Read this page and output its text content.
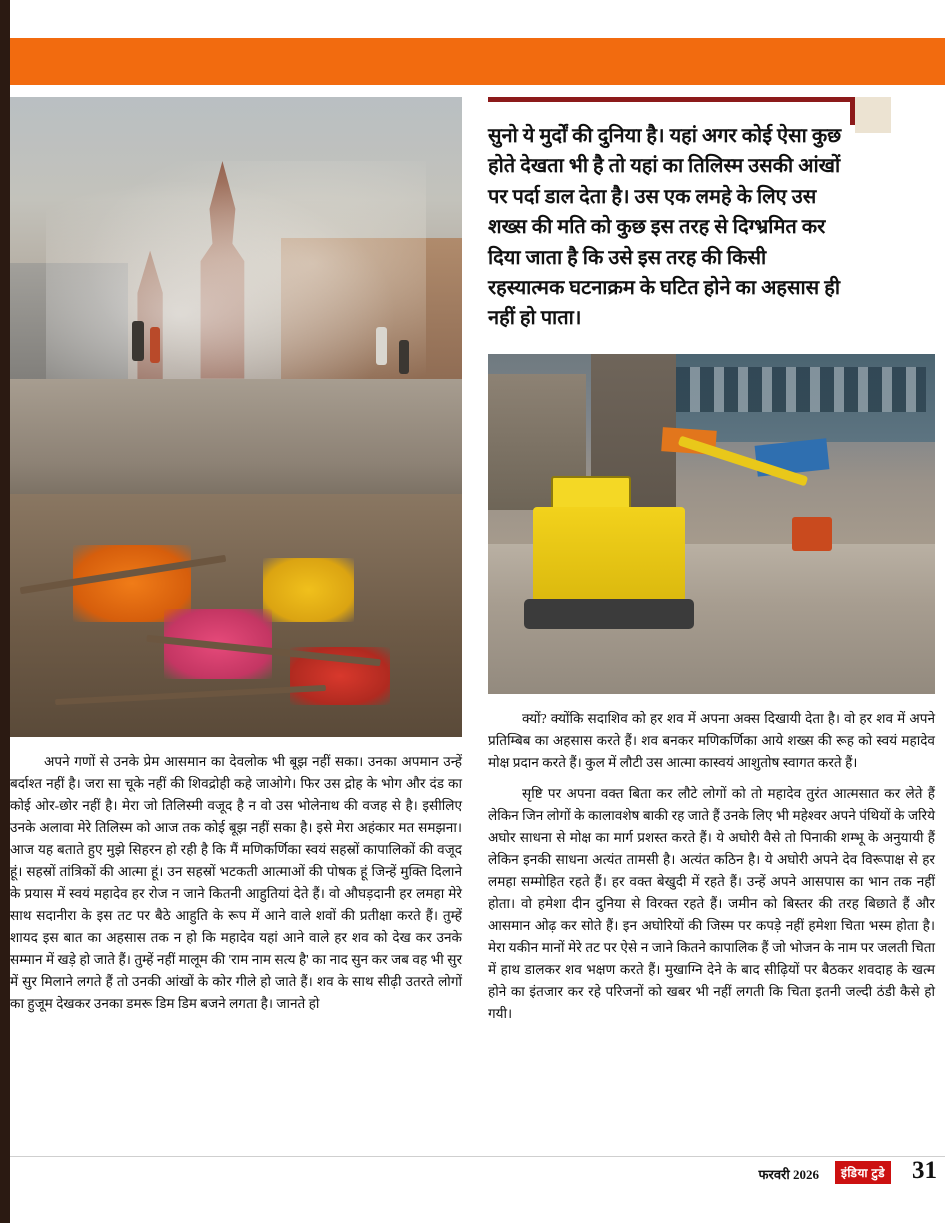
अपने गणों से उनके प्रेम आसमान का देवलोक भी बूझ नहीं सका। उनका अपमान उन्हें बर्दाश्त नहीं है। जरा सा चूके नहीं की शिवद्रोही कहे जाओगे। फिर उस द्रोह के भोग और दंड का कोई ओर-छोर नहीं है। मेरा जो तिलिस्मी वजूद है न वो उस भोलेनाथ की वजह से है। इसीलिए उनके अलावा मेरे तिलिस्म को आज तक कोई बूझ नहीं सका है। इसे मेरा अहंकार मत समझना। आज यह बताते हुए मुझे सिहरन हो रही है कि मैं मणिकर्णिका स्वयं सहस्रों कापालिकों की वजूद हूं। सहस्रों तांत्रिकों की आत्मा हूं। उन सहस्रों भटकती आत्माओं की पोषक हूं जिन्हें मुक्ति दिलाने के प्रयास में स्वयं महादेव हर रोज न जाने कितनी आहुतियां देते हैं। वो औघड़दानी हर लमहा मेरे साथ सदानीरा के इस तट पर बैठे आहुति के रूप में आने वाले शवों की प्रतीक्षा करते हैं। तुम्हें शायद इस बात का अहसास तक न हो कि महादेव यहां आने वाले हर शव को देख कर उनके सम्मान में खड़े हो जाते हैं। तुम्हें नहीं मालूम की 'राम नाम सत्य है' का नाद सुन कर जब वह भी सुर में सुर मिलाने लगते हैं तो उनकी आंखों के कोर गीले हो जाते हैं। शव के साथ सीढ़ी उतरते लोगों का हुजूम देखकर उनका डमरू डिम डिम बजने लगता है। जानते हो

सुनो ये मुर्दों की दुनिया है। यहां अगर कोई ऐसा कुछ होते देखता भी है तो यहां का तिलिस्म उसकी आंखों पर पर्दा डाल देता है। उस एक लमहे के लिए उस शख्स की मति को कुछ इस तरह से दिग्भ्रमित कर दिया जाता है कि उसे इस तरह की किसी रहस्यात्मक घटनाक्रम के घटित होने का अहसास ही नहीं हो पाता।

क्यों? क्योंकि सदाशिव को हर शव में अपना अक्स दिखायी देता है। वो हर शव में अपने प्रतिम्बिब का अहसास करते हैं। शव बनकर मणिकर्णिका आये शख्स की रूह को स्वयं महादेव मोक्ष प्रदान करते हैं। कुल में लौटी उस आत्मा कास्वयं आशुतोष स्वागत करते हैं।

सृष्टि पर अपना वक्त बिता कर लौटे लोगों को तो महादेव तुरंत आत्मसात कर लेते हैं लेकिन जिन लोगों के कालावशेष बाकी रह जाते हैं उनके लिए भी महेश्वर अपने पंथियों के जरिये अघोर साधना से मोक्ष का मार्ग प्रशस्त करते हैं। ये अघोरी वैसे तो पिनाकी शम्भू के अनुयायी हैं लेकिन इनकी साधना अत्यंत तामसी है। अत्यंत कठिन है। ये अघोरी अपने देव विरूपाक्ष से हर लमहा सम्मोहित रहते हैं। हर वक्त बेखुदी में रहते हैं। उन्हें अपने आसपास का भान तक नहीं होता। वो हमेशा दीन दुनिया से विरक्त रहते हैं। जमीन को बिस्तर की तरह बिछाते हैं और आसमान ओढ़ कर सोते हैं। इन अघोरियों की जिस्म पर कपड़े नहीं हमेशा चिता भस्म होता है। मेरा यकीन मानों मेरे तट पर ऐसे न जाने कितने कापालिक हैं जो भोजन के नाम पर जलती चिता में हाथ डालकर शव भक्षण करते हैं। मुखाग्नि देने के बाद सीढ़ियों पर बैठकर शवदाह के खत्म होने का इंतजार कर रहे परिजनों को खबर भी नहीं लगती कि चिता इतनी जल्दी ठंडी कैसे हो गयी।

फरवरी 2026	इंडिया टुडे 31
